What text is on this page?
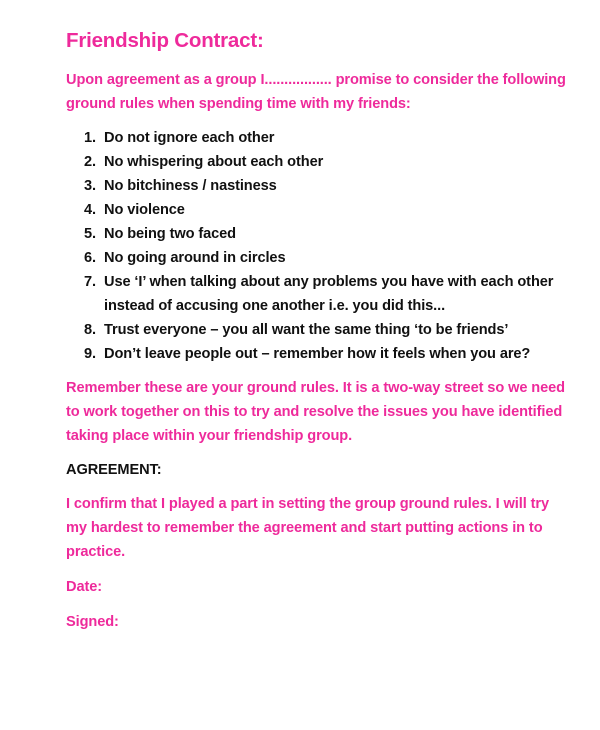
Friendship Contract:

Upon agreement as a group I................. promise to consider the following ground rules when spending time with my friends:

1. Do not ignore each other
2. No whispering about each other
3. No bitchiness / nastiness
4. No violence
5. No being two faced
6. No going around in circles
7. Use ‘I’ when talking about any problems you have with each other instead of accusing one another i.e. you did this...
8. Trust everyone – you all want the same thing ‘to be friends’
9. Don’t leave people out – remember how it feels when you are?

Remember these are your ground rules. It is a two-way street so we need to work together on this to try and resolve the issues you have identified taking place within your friendship group.

AGREEMENT:

I confirm that I played a part in setting the group ground rules. I will try my hardest to remember the agreement and start putting actions in to practice.

Date:

Signed:
